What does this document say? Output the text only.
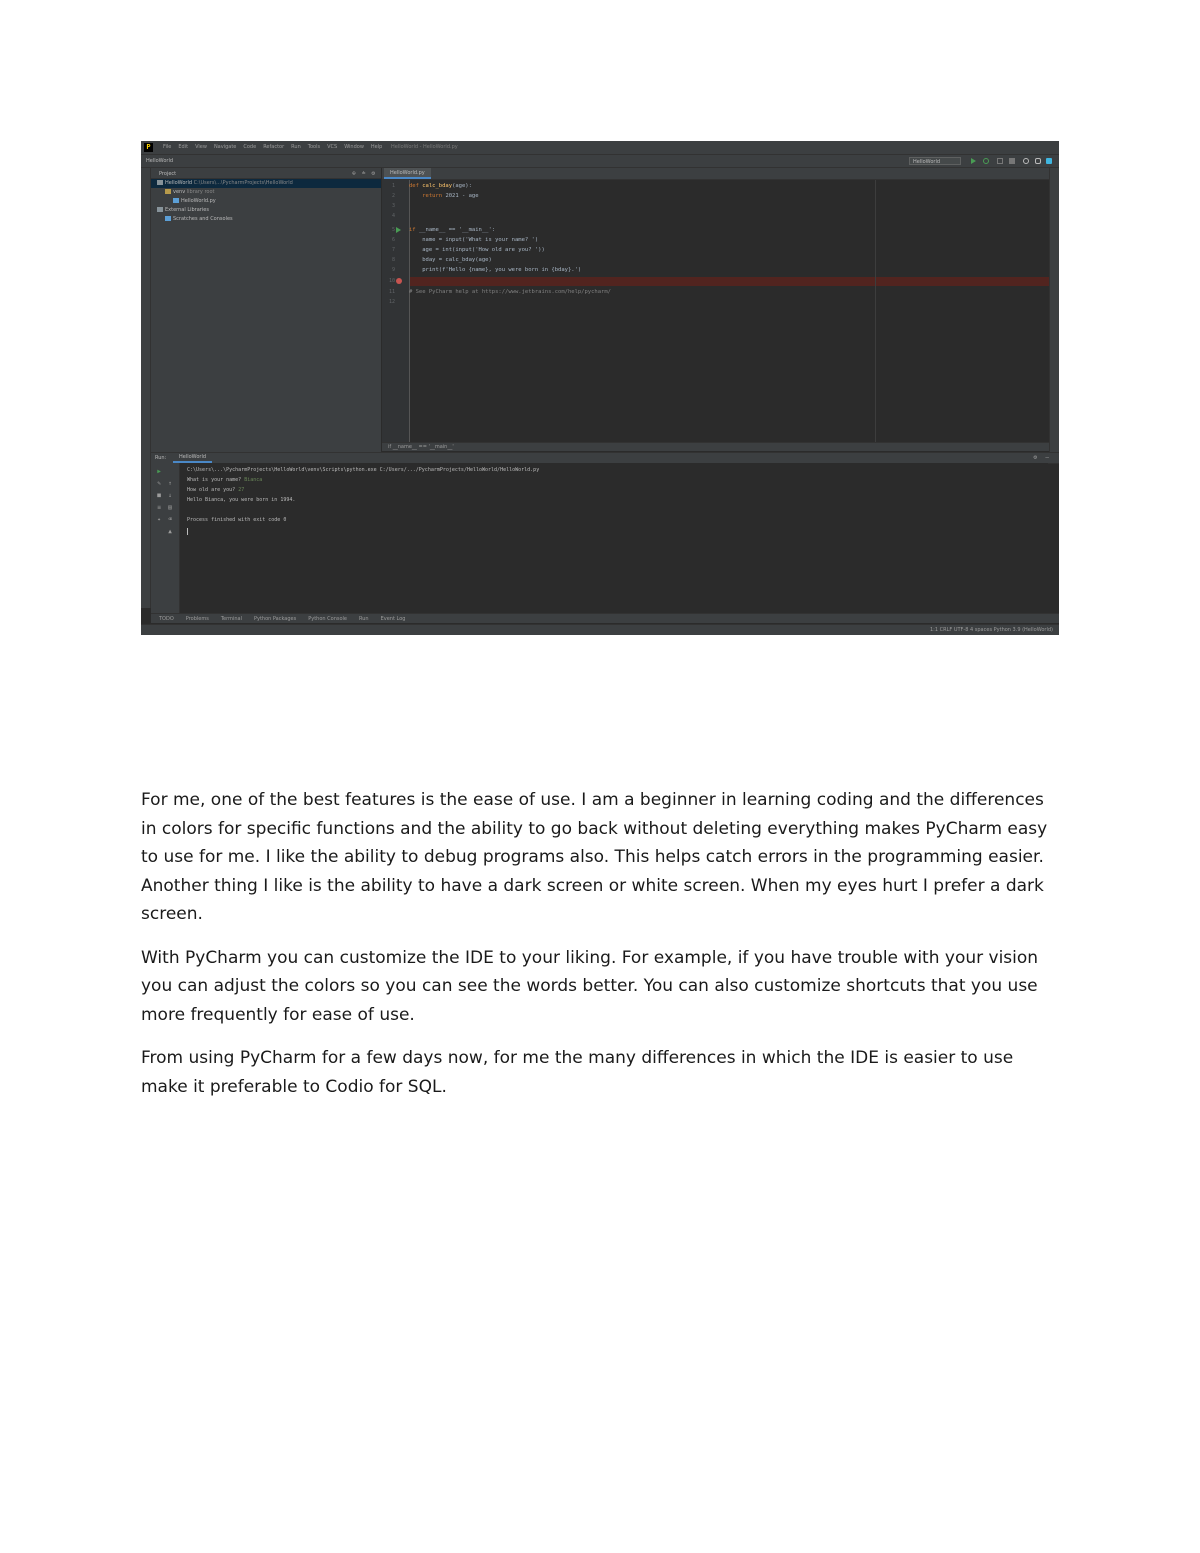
P	File Edit View Navigate Code Refactor Run Tools VCS Window Help HelloWorld - HelloWorld.py
HelloWorld	HelloWorld
Project	⊕ ≐ ⚙
HelloWorld C:\Users\...\PycharmProjects\HelloWorld
venv library root
HelloWorld.py
External Libraries
Scratches and Consoles
HelloWorld.py
1
2
3
4
5
6
7
8
9
10
11
12
def calc_bday(age):
return 2021 - age
if __name__ == '__main__':
name = input('What is your name? ')
age = int(input('How old are you? '))
bday = calc_bday(age)
print(f'Hello {name}, you were born in {bday}.')
# See PyCharm help at https://www.jetbrains.com/help/pycharm/
if __name__ == '__main__'
Run:	HelloWorld	⚙ –
▶
✎
■
≡
✦
↑
↓
▤
⌫
▲
C:\Users\...\PycharmProjects\HelloWorld\venv\Scripts\python.exe C:/Users/.../PycharmProjects/HelloWorld/HelloWorld.py
What is your name? Bianca
How old are you? 27
Hello Bianca, you were born in 1994.
Process finished with exit code 0
TODO Problems Terminal Python Packages Python Console Run Event Log
1:1 CRLF UTF-8 4 spaces Python 3.9 (HelloWorld)

For me, one of the best features is the ease of use. I am a beginner in learning coding and the differences in colors for specific functions and the ability to go back without deleting everything makes PyCharm easy to use for me. I like the ability to debug programs also. This helps catch errors in the programming easier. Another thing I like is the ability to have a dark screen or white screen. When my eyes hurt I prefer a dark screen.

With PyCharm you can customize the IDE to your liking. For example, if you have trouble with your vision you can adjust the colors so you can see the words better. You can also customize shortcuts that you use more frequently for ease of use.

From using PyCharm for a few days now, for me the many differences in which the IDE is easier to use make it preferable to Codio for SQL.
